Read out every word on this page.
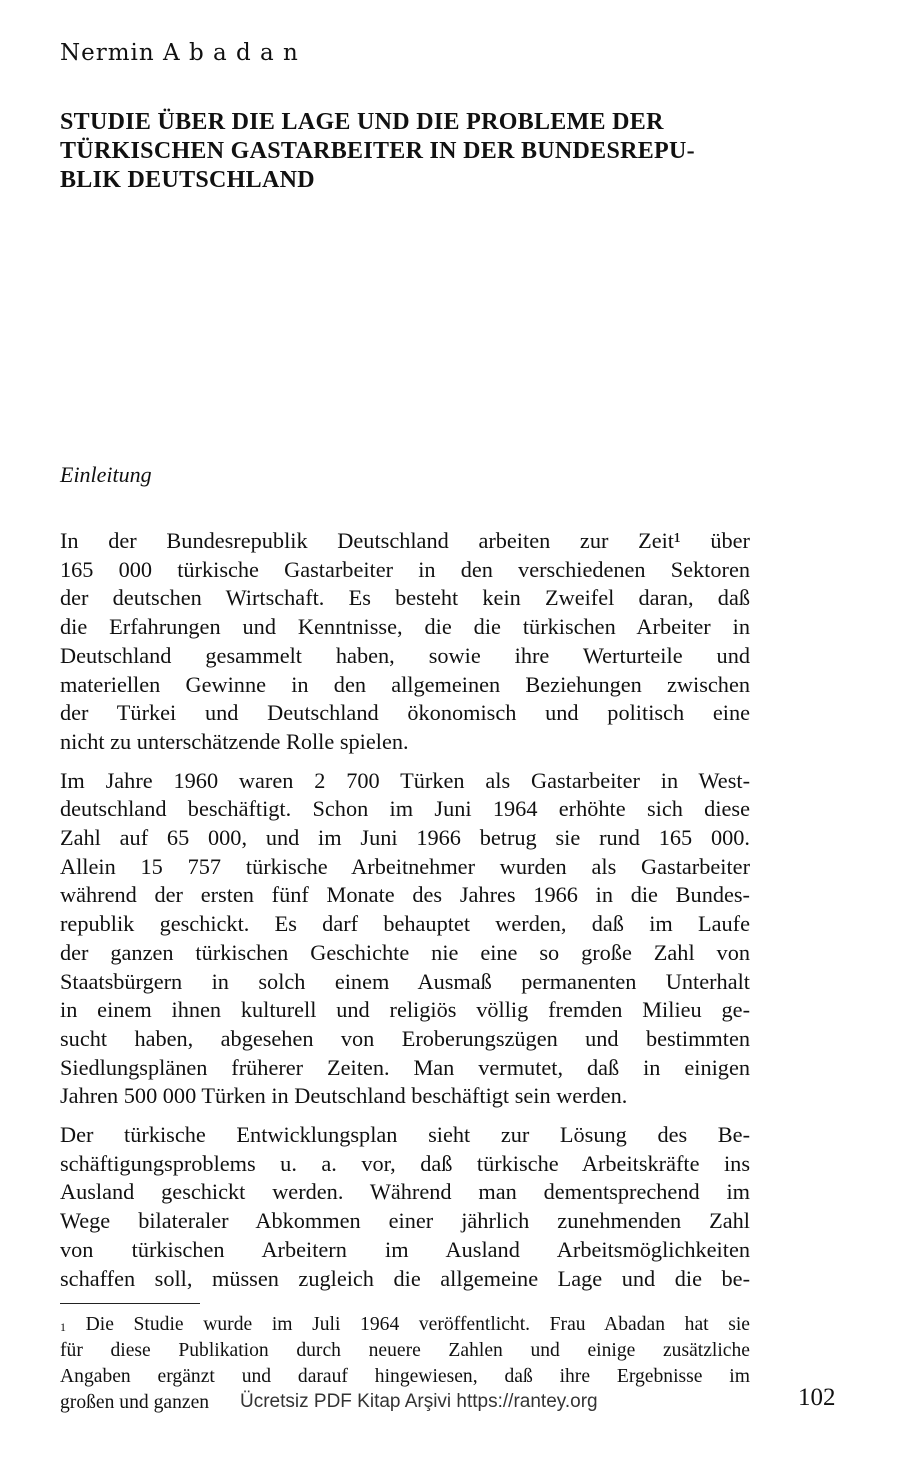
Nermin A b a d a n
STUDIE ÜBER DIE LAGE UND DIE PROBLEME DER
TÜRKISCHEN GASTARBEITER IN DER BUNDESREPU-
BLIK DEUTSCHLAND
Einleitung
In der Bundesrepublik Deutschland arbeiten zur Zeit¹ über
165 000 türkische Gastarbeiter in den verschiedenen Sektoren
der deutschen Wirtschaft. Es besteht kein Zweifel daran, daß
die Erfahrungen und Kenntnisse, die die türkischen Arbeiter in
Deutschland gesammelt haben, sowie ihre Werturteile und
materiellen Gewinne in den allgemeinen Beziehungen zwischen
der Türkei und Deutschland ökonomisch und politisch eine
nicht zu unterschätzende Rolle spielen.
Im Jahre 1960 waren 2 700 Türken als Gastarbeiter in West-
deutschland beschäftigt. Schon im Juni 1964 erhöhte sich diese
Zahl auf 65 000, und im Juni 1966 betrug sie rund 165 000.
Allein 15 757 türkische Arbeitnehmer wurden als Gastarbeiter
während der ersten fünf Monate des Jahres 1966 in die Bundes-
republik geschickt. Es darf behauptet werden, daß im Laufe
der ganzen türkischen Geschichte nie eine so große Zahl von
Staatsbürgern in solch einem Ausmaß permanenten Unterhalt
in einem ihnen kulturell und religiös völlig fremden Milieu ge-
sucht haben, abgesehen von Eroberungszügen und bestimmten
Siedlungsplänen früherer Zeiten. Man vermutet, daß in einigen
Jahren 500 000 Türken in Deutschland beschäftigt sein werden.
Der türkische Entwicklungsplan sieht zur Lösung des Be-
schäftigungsproblems u. a. vor, daß türkische Arbeitskräfte ins
Ausland geschickt werden. Während man dementsprechend im
Wege bilateraler Abkommen einer jährlich zunehmenden Zahl
von türkischen Arbeitern im Ausland Arbeitsmöglichkeiten
schaffen soll, müssen zugleich die allgemeine Lage und die be-
$^1$ Die Studie wurde im Juli 1964 veröffentlicht. Frau Abadan hat sie
für diese Publikation durch neuere Zahlen und einige zusätzliche
Angaben ergänzt und darauf hingewiesen, daß ihre Ergebnisse im
großen und ganzen	Ücretsiz PDF Kitap Arşivi https://rantey.org	102
